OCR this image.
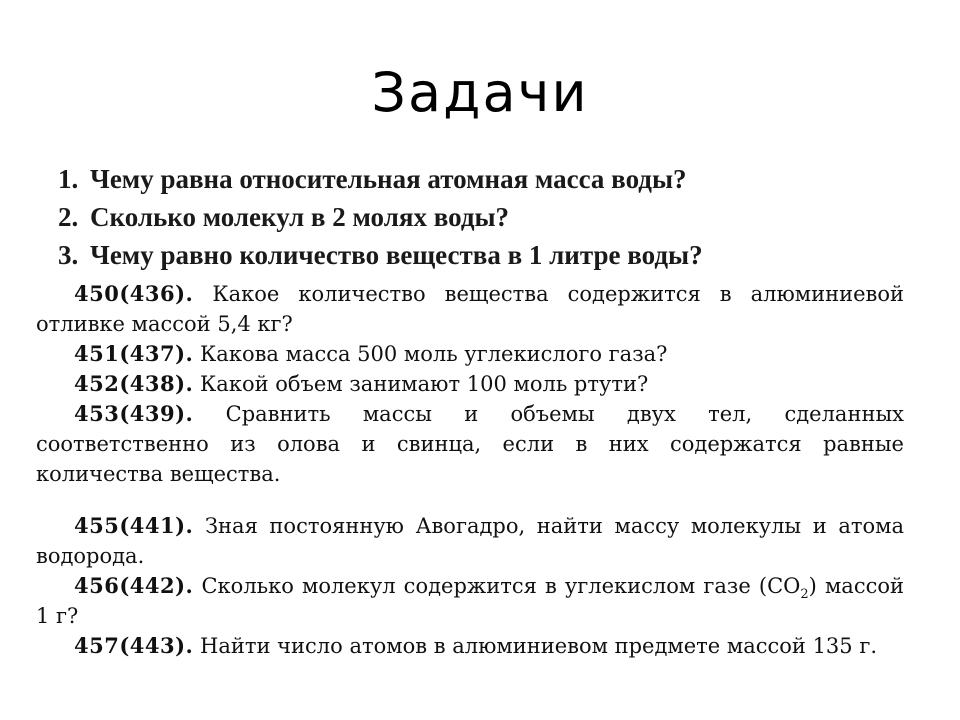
Задачи
1. Чему равна относительная атомная масса воды?
2. Сколько молекул в 2 молях воды?
3. Чему равно количество вещества в 1 литре воды?

450(436). Какое количество вещества содержится в алюминиевой отливке массой 5,4 кг?

451(437). Какова масса 500 моль углекислого газа?

452(438). Какой объем занимают 100 моль ртути?

453(439). Сравнить массы и объемы двух тел, сделанных соответственно из олова и свинца, если в них содержатся равные количества вещества.

455(441). Зная постоянную Авогадро, найти массу молекулы и атома водорода.

456(442). Сколько молекул содержится в углекислом газе $(CO_2)$ массой 1 г?

457(443). Найти число атомов в алюминиевом предмете массой 135 г.
